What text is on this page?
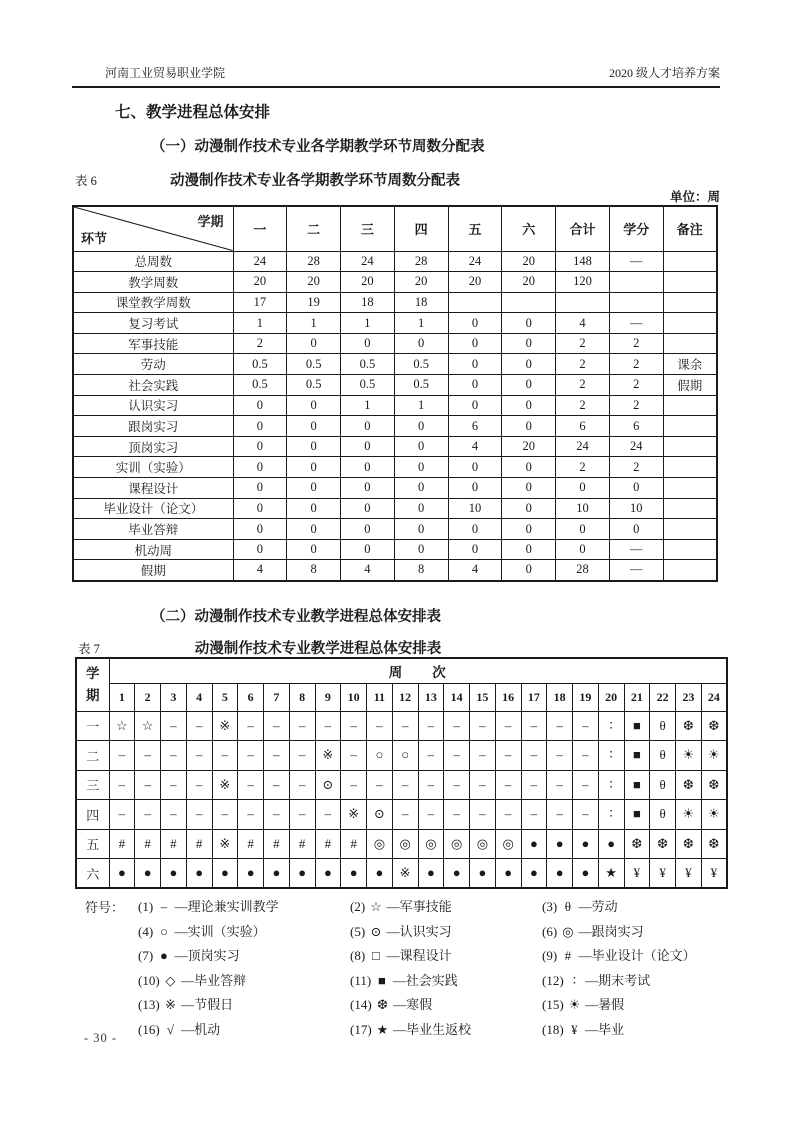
河南工业贸易职业学院	2020 级人才培养方案
七、教学进程总体安排
（一）动漫制作技术专业各学期教学环节周数分配表
表 6	动漫制作技术专业各学期教学环节周数分配表
单位：周
学期
环节	一	二	三	四	五	六	合计	学分	备注
总周数	24	28	24	28	24	20	148	—	
教学周数	20	20	20	20	20	20	120		
课堂教学周数	17	19	18	18					
复习考试	1	1	1	1	0	0	4	—	
军事技能	2	0	0	0	0	0	2	2	
劳动	0.5	0.5	0.5	0.5	0	0	2	2	课余
社会实践	0.5	0.5	0.5	0.5	0	0	2	2	假期
认识实习	0	0	1	1	0	0	2	2	
跟岗实习	0	0	0	0	6	0	6	6	
顶岗实习	0	0	0	0	4	20	24	24	
实训（实验）	0	0	0	0	0	0	2	2	
课程设计	0	0	0	0	0	0	0	0	
毕业设计（论文）	0	0	0	0	10	0	10	10	
毕业答辩	0	0	0	0	0	0	0	0	
机动周	0	0	0	0	0	0	0	—	
假期	4	8	4	8	4	0	28	—	
（二）动漫制作技术专业教学进程总体安排表
表 7	动漫制作技术专业教学进程总体安排表
学期	周　　次																							
	1	2	3	4	5	6	7	8	9	10	11	12	13	14	15	16	17	18	19	20	21	22	23	24
一	☆	☆	–	–	※	–	–	–	–	–	–	–	–	–	–	–	–	–	–	∶	■	θ	❆	❆
二	–	–	–	–	–	–	–	–	※	–	○	○	–	–	–	–	–	–	–	∶	■	θ	☀	☀
三	–	–	–	–	※	–	–	–	⊙	–	–	–	–	–	–	–	–	–	–	∶	■	θ	❆	❆
四	–	–	–	–	–	–	–	–	–	※	⊙	–	–	–	–	–	–	–	–	∶	■	θ	☀	☀
五	#	#	#	#	※	#	#	#	#	#	◎	◎	◎	◎	◎	◎	●	●	●	●	❆	❆	❆	❆
六	●	●	●	●	●	●	●	●	●	●	●	※	●	●	●	●	●	●	●	★	¥	¥	¥	¥
符号：	(1) – —理论兼实训教学	(2) ☆ —军事技能	(3) θ —劳动
(4) ○ —实训（实验）	(5) ⊙ —认识实习	(6) ◎ —跟岗实习
(7) ● —顶岗实习	(8) □ —课程设计	(9) # —毕业设计（论文）
(10) ◇ —毕业答辩	(11) ■ —社会实践	(12) ∶ —期末考试
(13) ※ —节假日	(14) ❆ —寒假	(15) ☀ —暑假
(16) √ —机动	(17) ★ —毕业生返校	(18) ¥ —毕业
- 30 -
